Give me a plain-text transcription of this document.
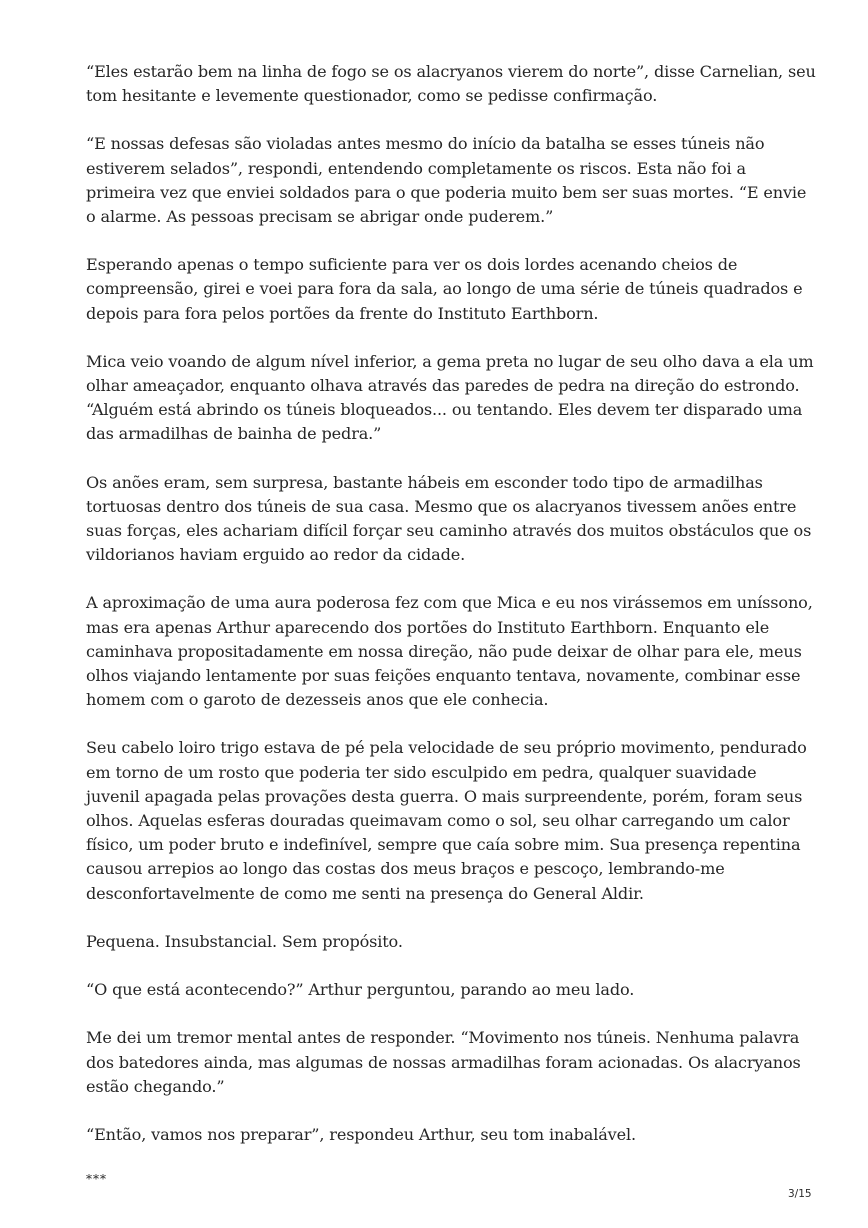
“Eles estarão bem na linha de fogo se os alacryanos vierem do norte”, disse Carnelian, seu
tom hesitante e levemente questionador, como se pedisse confirmação.

“E nossas defesas são violadas antes mesmo do início da batalha se esses túneis não
estiverem selados”, respondi, entendendo completamente os riscos. Esta não foi a
primeira vez que enviei soldados para o que poderia muito bem ser suas mortes. “E envie
o alarme. As pessoas precisam se abrigar onde puderem.”

Esperando apenas o tempo suficiente para ver os dois lordes acenando cheios de
compreensão, girei e voei para fora da sala, ao longo de uma série de túneis quadrados e
depois para fora pelos portões da frente do Instituto Earthborn.

Mica veio voando de algum nível inferior, a gema preta no lugar de seu olho dava a ela um
olhar ameaçador, enquanto olhava através das paredes de pedra na direção do estrondo.
“Alguém está abrindo os túneis bloqueados... ou tentando. Eles devem ter disparado uma
das armadilhas de bainha de pedra.”

Os anões eram, sem surpresa, bastante hábeis em esconder todo tipo de armadilhas
tortuosas dentro dos túneis de sua casa. Mesmo que os alacryanos tivessem anões entre
suas forças, eles achariam difícil forçar seu caminho através dos muitos obstáculos que os
vildorianos haviam erguido ao redor da cidade.

A aproximação de uma aura poderosa fez com que Mica e eu nos virássemos em uníssono,
mas era apenas Arthur aparecendo dos portões do Instituto Earthborn. Enquanto ele
caminhava propositadamente em nossa direção, não pude deixar de olhar para ele, meus
olhos viajando lentamente por suas feições enquanto tentava, novamente, combinar esse
homem com o garoto de dezesseis anos que ele conhecia.

Seu cabelo loiro trigo estava de pé pela velocidade de seu próprio movimento, pendurado
em torno de um rosto que poderia ter sido esculpido em pedra, qualquer suavidade
juvenil apagada pelas provações desta guerra. O mais surpreendente, porém, foram seus
olhos. Aquelas esferas douradas queimavam como o sol, seu olhar carregando um calor
físico, um poder bruto e indefinível, sempre que caía sobre mim. Sua presença repentina
causou arrepios ao longo das costas dos meus braços e pescoço, lembrando-me
desconfortavelmente de como me senti na presença do General Aldir.

Pequena. Insubstancial. Sem propósito.

“O que está acontecendo?” Arthur perguntou, parando ao meu lado.

Me dei um tremor mental antes de responder. “Movimento nos túneis. Nenhuma palavra
dos batedores ainda, mas algumas de nossas armadilhas foram acionadas. Os alacryanos
estão chegando.”

“Então, vamos nos preparar”, respondeu Arthur, seu tom inabalável.

***
3/15
